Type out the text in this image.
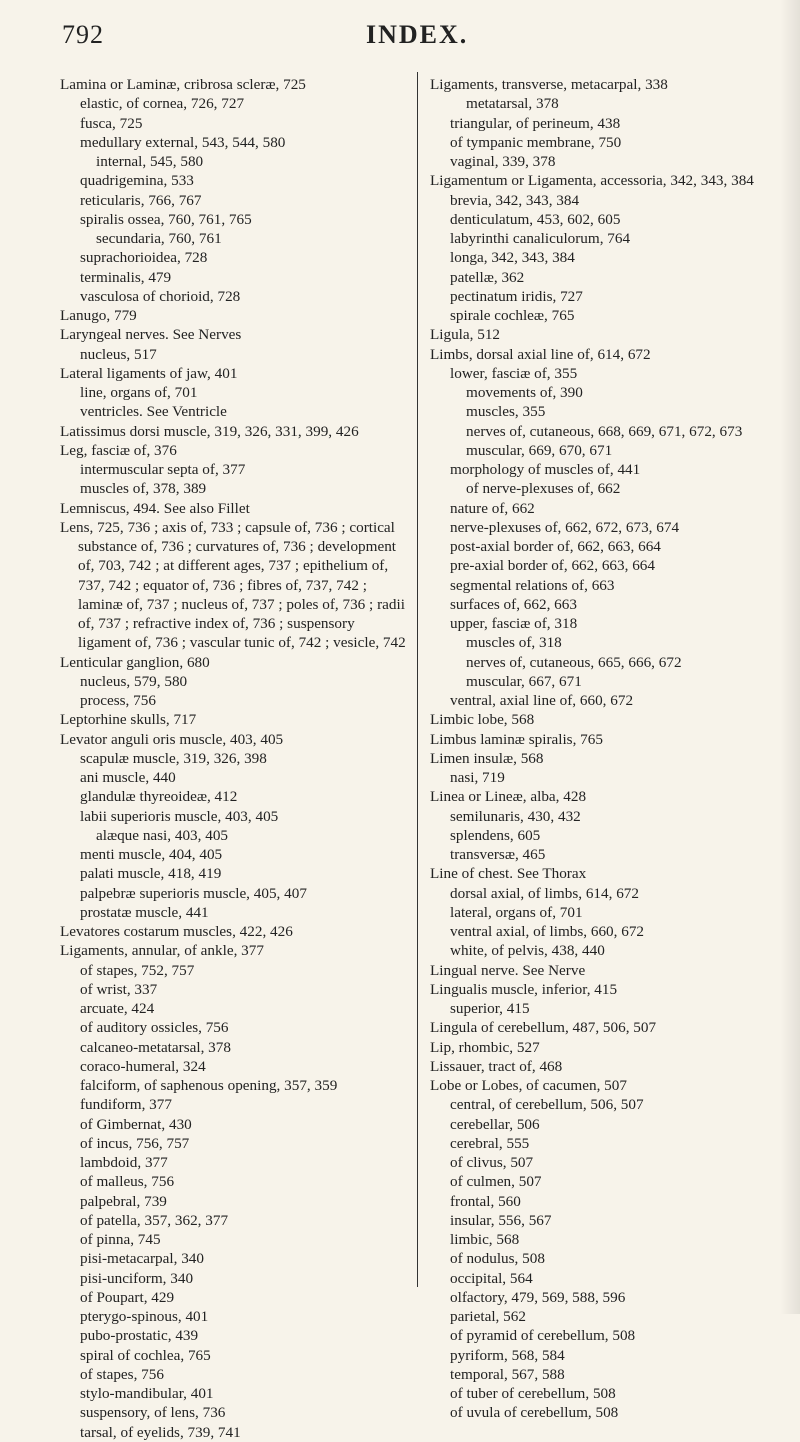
792	INDEX.
Lamina or Laminæ, cribrosa scleræ, 725
elastic, of cornea, 726, 727
fusca, 725
medullary external, 543, 544, 580
internal, 545, 580
quadrigemina, 533
reticularis, 766, 767
spiralis ossea, 760, 761, 765
secundaria, 760, 761
suprachorioidea, 728
terminalis, 479
vasculosa of chorioid, 728
Lanugo, 779
Laryngeal nerves. See Nerves
nucleus, 517
Lateral ligaments of jaw, 401
line, organs of, 701
ventricles. See Ventricle
Latissimus dorsi muscle, 319, 326, 331, 399, 426
Leg, fasciæ of, 376
intermuscular septa of, 377
muscles of, 378, 389
Lemniscus, 494. See also Fillet
Lens, 725, 736 ; axis of, 733 ; capsule of, 736 ; cortical substance of, 736 ; curvatures of, 736 ; development of, 703, 742 ; at different ages, 737 ; epithelium of, 737, 742 ; equator of, 736 ; fibres of, 737, 742 ; laminæ of, 737 ; nucleus of, 737 ; poles of, 736 ; radii of, 737 ; refractive index of, 736 ; suspensory ligament of, 736 ; vascular tunic of, 742 ; vesicle, 742
Lenticular ganglion, 680
nucleus, 579, 580
process, 756
Leptorhine skulls, 717
Levator anguli oris muscle, 403, 405
scapulæ muscle, 319, 326, 398
ani muscle, 440
glandulæ thyreoideæ, 412
labii superioris muscle, 403, 405
alæque nasi, 403, 405
menti muscle, 404, 405
palati muscle, 418, 419
palpebræ superioris muscle, 405, 407
prostatæ muscle, 441
Levatores costarum muscles, 422, 426
Ligaments, annular, of ankle, 377
of stapes, 752, 757
of wrist, 337
arcuate, 424
of auditory ossicles, 756
calcaneo-metatarsal, 378
coraco-humeral, 324
falciform, of saphenous opening, 357, 359
fundiform, 377
of Gimbernat, 430
of incus, 756, 757
lambdoid, 377
of malleus, 756
palpebral, 739
of patella, 357, 362, 377
of pinna, 745
pisi-metacarpal, 340
pisi-unciform, 340
of Poupart, 429
pterygo-spinous, 401
pubo-prostatic, 439
spiral of cochlea, 765
of stapes, 756
stylo-mandibular, 401
suspensory, of lens, 736
tarsal, of eyelids, 739, 741
Ligaments, transverse, metacarpal, 338
metatarsal, 378
triangular, of perineum, 438
of tympanic membrane, 750
vaginal, 339, 378
Ligamentum or Ligamenta, accessoria, 342, 343, 384
brevia, 342, 343, 384
denticulatum, 453, 602, 605
labyrinthi canaliculorum, 764
longa, 342, 343, 384
patellæ, 362
pectinatum iridis, 727
spirale cochleæ, 765
Ligula, 512
Limbs, dorsal axial line of, 614, 672
lower, fasciæ of, 355
movements of, 390
muscles, 355
nerves of, cutaneous, 668, 669, 671, 672, 673
muscular, 669, 670, 671
morphology of muscles of, 441
of nerve-plexuses of, 662
nature of, 662
nerve-plexuses of, 662, 672, 673, 674
post-axial border of, 662, 663, 664
pre-axial border of, 662, 663, 664
segmental relations of, 663
surfaces of, 662, 663
upper, fasciæ of, 318
muscles of, 318
nerves of, cutaneous, 665, 666, 672
muscular, 667, 671
ventral, axial line of, 660, 672
Limbic lobe, 568
Limbus laminæ spiralis, 765
Limen insulæ, 568
nasi, 719
Linea or Lineæ, alba, 428
semilunaris, 430, 432
splendens, 605
transversæ, 465
Line of chest. See Thorax
dorsal axial, of limbs, 614, 672
lateral, organs of, 701
ventral axial, of limbs, 660, 672
white, of pelvis, 438, 440
Lingual nerve. See Nerve
Lingualis muscle, inferior, 415
superior, 415
Lingula of cerebellum, 487, 506, 507
Lip, rhombic, 527
Lissauer, tract of, 468
Lobe or Lobes, of cacumen, 507
central, of cerebellum, 506, 507
cerebellar, 506
cerebral, 555
of clivus, 507
of culmen, 507
frontal, 560
insular, 556, 567
limbic, 568
of nodulus, 508
occipital, 564
olfactory, 479, 569, 588, 596
parietal, 562
of pyramid of cerebellum, 508
pyriform, 568, 584
temporal, 567, 588
of tuber of cerebellum, 508
of uvula of cerebellum, 508
